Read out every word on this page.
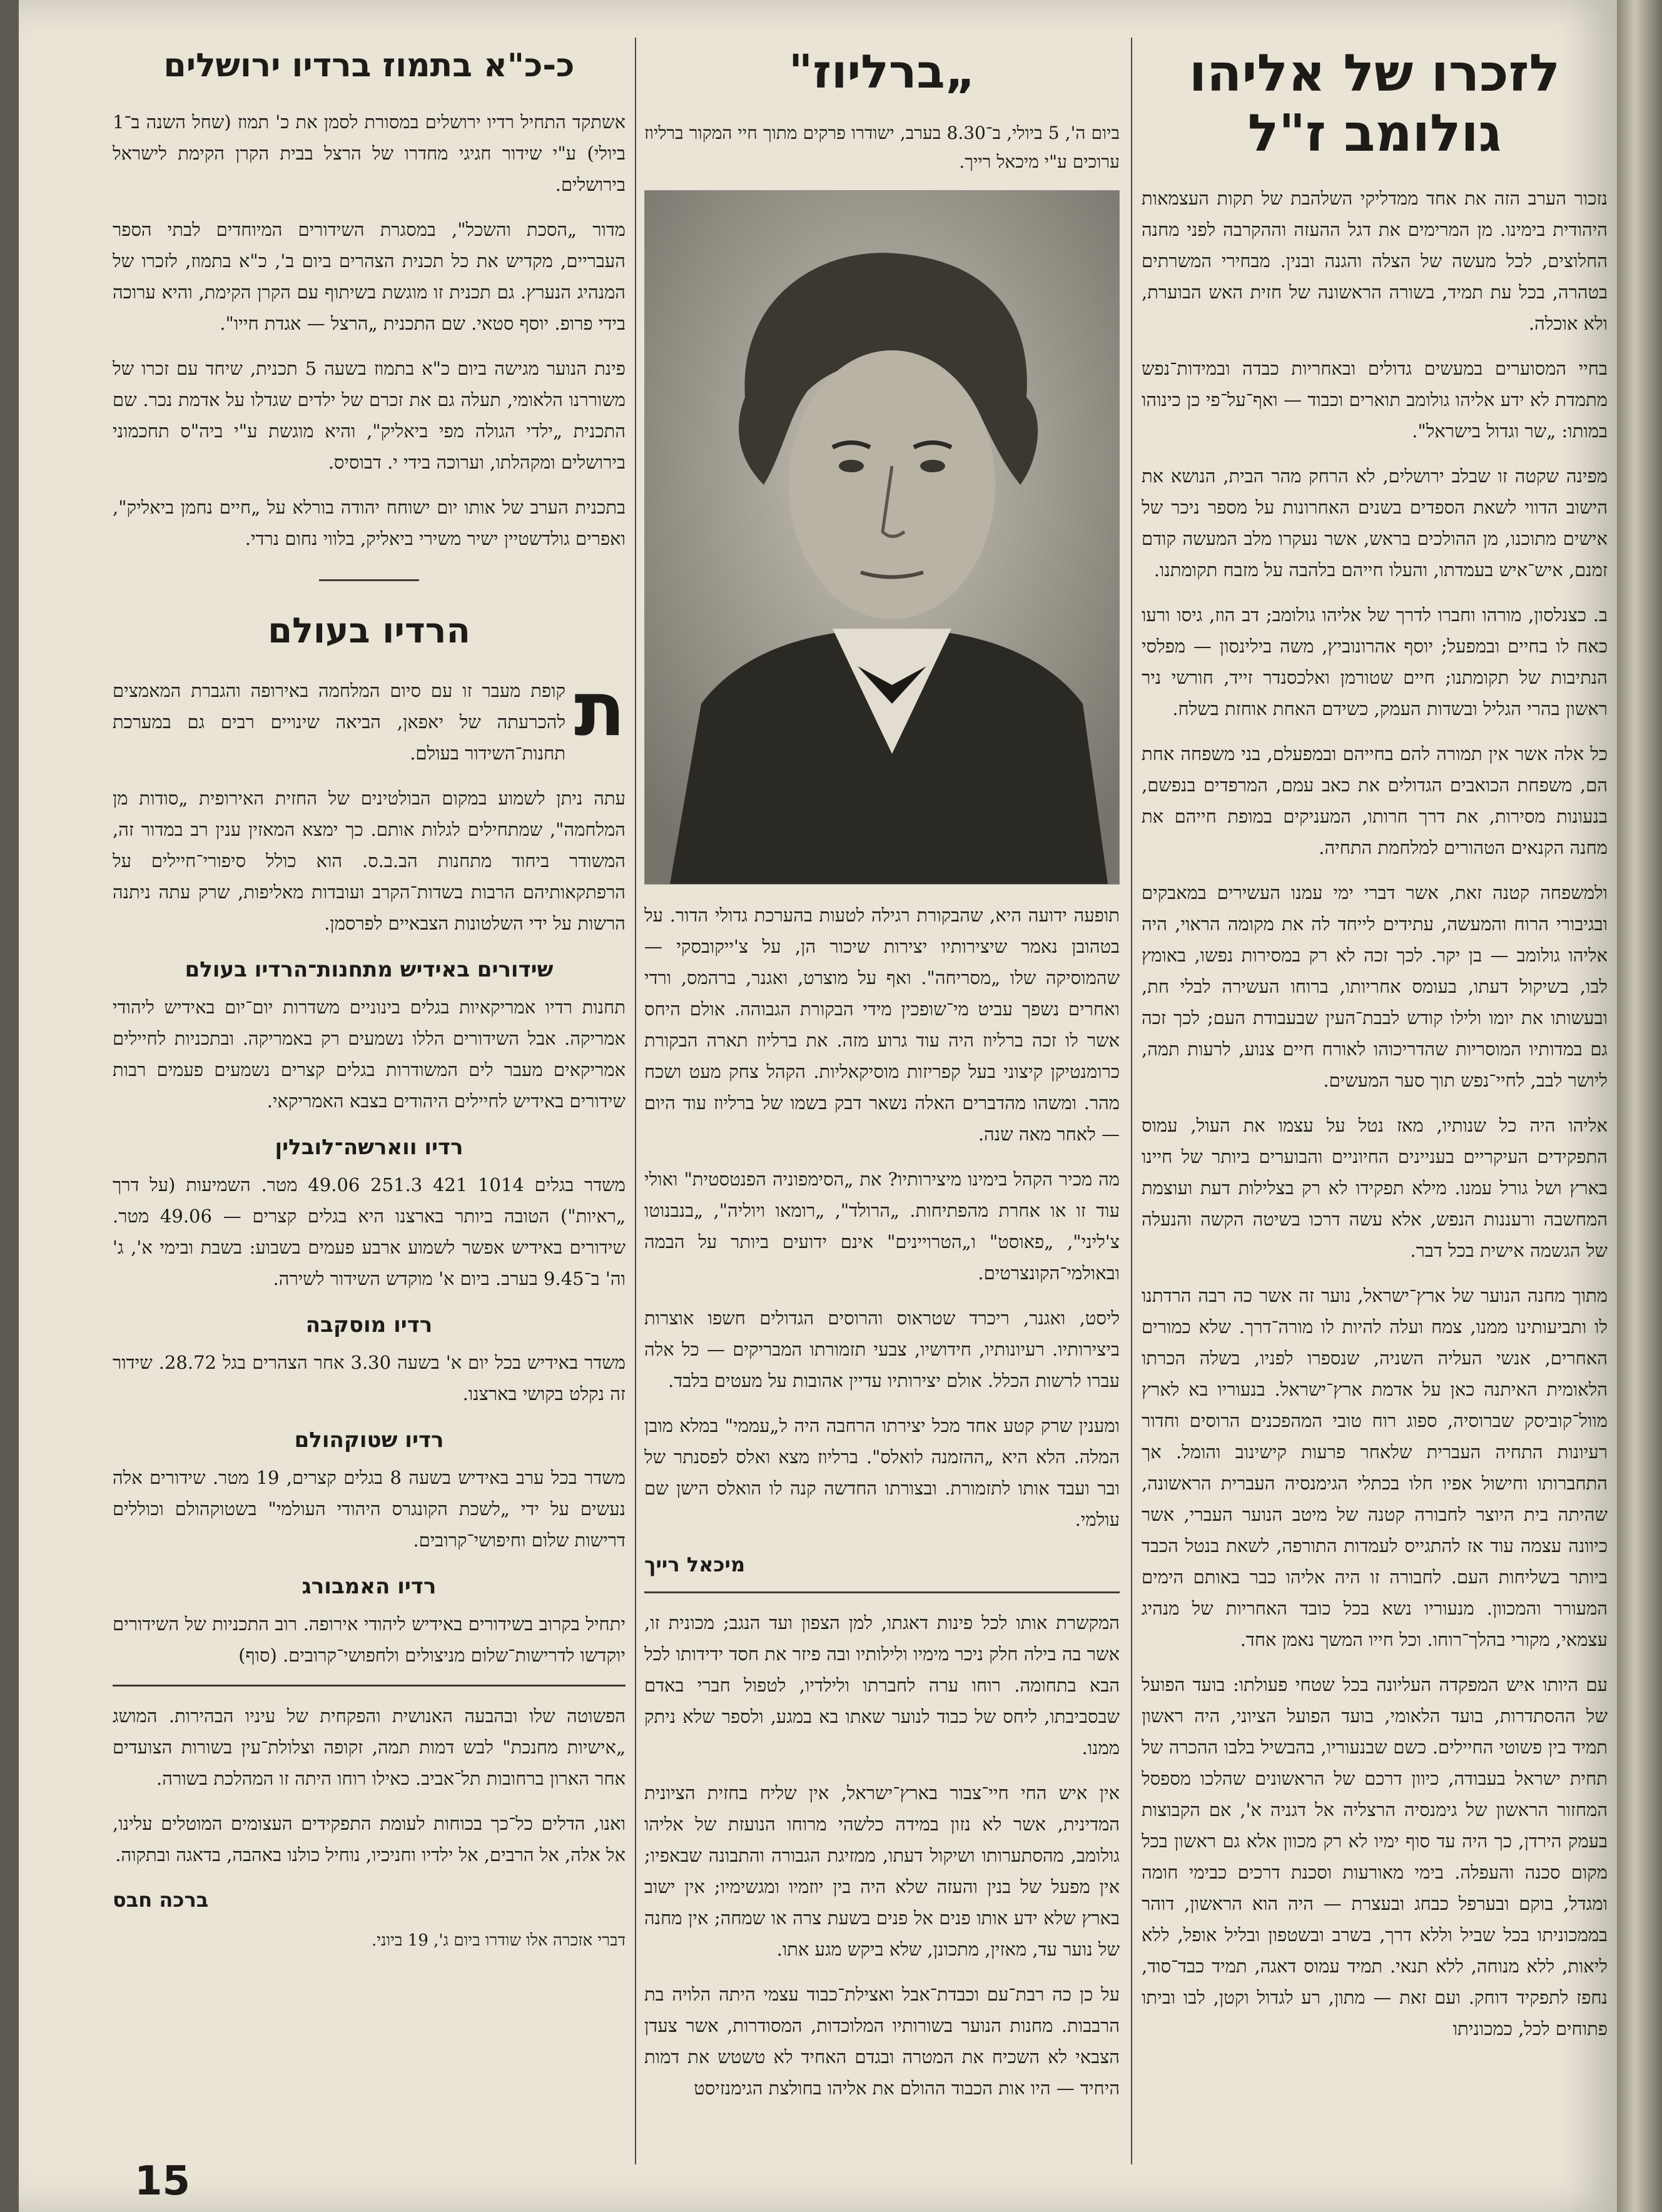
לזכרו של אליהו גולומב ז"ל

נזכור הערב הזה את אחד ממדליקי השלהבת של תקות העצמאות היהודית בימינו. מן המרימים את דגל ההעזה וההקרבה לפני מחנה החלוצים, לכל מעשה של הצלה והגנה ובנין. מבחירי המשרתים בטהרה, בכל עת תמיד, בשורה הראשונה של חזית האש הבוערת, ולא אוכלה.

בחיי המסוערים במעשים גדולים ובאחריות כבדה ובמידות־נפש מתמדת לא ידע אליהו גולומב תוארים וכבוד — ואף־על־פי כן כינוהו במותו: „שר וגדול בישראל".

מפינה שקטה זו שבלב ירושלים, לא הרחק מהר הבית, הנושא את הישוב הדווי לשאת הספדים בשנים האחרונות על מספר ניכר של אישים מתוכנו, מן ההולכים בראש, אשר נעקרו מלב המעשה קודם זמנם, איש־איש בעמדתו, והעלו חייהם בלהבה על מזבח תקומתנו.

ב. כצנלסון, מורהו וחברו לדרך של אליהו גולומב; דב הוז, גיסו ורעו כאח לו בחיים ובמפעל; יוסף אהרונוביץ, משה בילינסון — מפלסי הנתיבות של תקומתנו; חיים שטורמן ואלכסנדר זייד, חורשי ניר ראשון בהרי הגליל ובשדות העמק, כשידם האחת אוחזת בשלח.

כל אלה אשר אין תמורה להם בחייהם ובמפעלם, בני משפחה אחת הם, משפחת הכואבים הגדולים את כאב עמם, המרפדים בנפשם, בנעונות מסירות, את דרך חרותו, המעניקים במופת חייהם את מחנה הקנאים הטהורים למלחמת התחיה.

ולמשפחה קטנה זאת, אשר דברי ימי עמנו העשירים במאבקים ובגיבורי הרוח והמעשה, עתידים לייחד לה את מקומה הראוי, היה אליהו גולומב — בן יקר. לכך זכה לא רק במסירות נפשו, באומץ לבו, בשיקול דעתו, בעומס אחריותו, ברוחו העשירה לבלי חת, ובעשותו את יומו ולילו קודש לבבת־העין שבעבודת העם; לכך זכה גם במדותיו המוסריות שהדריכוהו לאורח חיים צנוע, לרעות תמה, ליושר לבב, לחיי־נפש תוך סער המעשים.

אליהו היה כל שנותיו, מאז נטל על עצמו את העול, עמוס התפקידים העיקריים בעניינים החיוניים והבוערים ביותר של חיינו בארץ ושל גורל עמנו. מילא תפקידו לא רק בצלילות דעת ועוצמת המחשבה ורעננות הנפש, אלא עשה דרכו בשיטה הקשה והנעלה של הגשמה אישית בכל דבר.

מתוך מחנה הנוער של ארץ־ישראל, נוער זה אשר כה רבה הרדתנו לו ותביעותינו ממנו, צמח ועלה להיות לו מורה־דרך. שלא כמורים האחרים, אנשי העליה השניה, שנספרו לפניו, בשלה הכרתו הלאומית האיתנה כאן על אדמת ארץ־ישראל. בנעוריו בא לארץ מוול־קוביסק שברוסיה, ספוג רוח טובי המהפכנים הרוסים וחדור רעיונות התחיה העברית שלאחר פרעות קישינוב והומל. אך התחברותו וחישול אפיו חלו בכתלי הגימנסיה העברית הראשונה, שהיתה בית היוצר לחבורה קטנה של מיטב הנוער העברי, אשר כיוונה עצמה עוד אז להתגייס לעמדות התורפה, לשאת בנטל הכבד ביותר בשליחות העם. לחבורה זו היה אליהו כבר באותם הימים המעורר והמכוון. מנעוריו נשא בכל כובד האחריות של מנהיג עצמאי, מקורי בהלך־רוחו. וכל חייו המשך נאמן אחד.

עם היותו איש המפקדה העליונה בכל שטחי פעולתו: בועד הפועל של ההסתדרות, בועד הלאומי, בועד הפועל הציוני, היה ראשון תמיד בין פשוטי החיילים. כשם שבנעוריו, בהבשיל בלבו ההכרה של תחית ישראל בעבודה, כיוון דרכם של הראשונים שהלכו מספסל המחזור הראשון של גימנסיה הרצליה אל דגניה א', אם הקבוצות בעמק הירדן, כך היה עד סוף ימיו לא רק מכוון אלא גם ראשון בכל מקום סכנה והעפלה. בימי מאורעות וסכנת דרכים כבימי חומה ומגדל, בוקם ובערפל כבחג ובעצרת — היה הוא הראשון, דוהר בממכוניתו בכל שביל וללא דרך, בשרב ובשטפון ובליל אופל, ללא ליאות, ללא מנוחה, ללא תנאי. תמיד עמוס דאגה, תמיד כבד־סוד, נחפז לתפקיד דוחק. ועם זאת — מתון, רע לגדול וקטן, לבו וביתו פתוחים לכל, כמכוניתו

„ברליוז"

ביום ה', 5 ביולי, ב־8.30 בערב, ישודרו פרקים מתוך חיי המקור ברליוז ערוכים ע"י מיכאל רייך.

תופעה ידועה היא, שהבקורת רגילה לטעות בהערכת גדולי הדור. על בטהובן נאמר שיצירותיו יצירות שיכור הן, על צ'ייקובסקי — שהמוסיקה שלו „מסריחה". ואף על מוצרט, ואגנר, ברהמס, ורדי ואחרים נשפך עביט מי־שופכין מידי הבקורת הגבוהה. אולם היחס אשר לו זכה ברליוז היה עוד גרוע מזה. את ברליוז תארה הבקורת כרומנטיקן קיצוני בעל קפריזות מוסיקאליות. הקהל צחק מעט ושכח מהר. ומשהו מהדברים האלה נשאר דבק בשמו של ברליוז עוד היום — לאחר מאה שנה.

מה מכיר הקהל בימינו מיצירותיו? את „הסימפוניה הפנטסטית" ואולי עוד זו או אחרת מהפתיחות. „הרולד", „רומאו ויוליה", „בנבנוטו צ'ליני", „פאוסט" ו„הטרויינים" אינם ידועים ביותר על הבמה ובאולמי־הקונצרטים.

ליסט, ואגנר, ריכרד שטראוס והרוסים הגדולים חשפו אוצרות ביצירותיו. רעיונותיו, חידושיו, צבעי תזמורתו המבריקים — כל אלה עברו לרשות הכלל. אולם יצירותיו עדיין אהובות על מעטים בלבד.

ומענין שרק קטע אחד מכל יצירתו הרחבה היה ל„עממי" במלא מובן המלה. הלא היא „ההזמנה לואלס". ברליוז מצא ואלס לפסנתר של ובר ועבד אותו לתזמורת. ובצורתו החדשה קנה לו הואלס הישן שם עולמי.

מיכאל רייך

המקשרת אותו לכל פינות דאגתו, למן הצפון ועד הנגב; מכונית זו, אשר בה בילה חלק ניכר מימיו ולילותיו ובה פיזר את חסד ידידותו לכל הבא בתחומה. רוחו ערה לחברתו ולילדיו, לטפול חברי באדם שבסביבתו, ליחס של כבוד לנוער שאתו בא במגע, ולספר שלא ניתק ממנו.

אין איש החי חיי־צבור בארץ־ישראל, אין שליח בחזית הציונית המדינית, אשר לא נזון במידה כלשהי מרוחו הנועזת של אליהו גולומב, מהסתערותו ושיקול דעתו, ממזיגת הגבורה והתבונה שבאפיו; אין מפעל של בנין והעזה שלא היה בין יוזמיו ומגשימיו; אין ישוב בארץ שלא ידע אותו פנים אל פנים בשעת צרה או שמחה; אין מחנה של נוער עד, מאזין, מתכונן, שלא ביקש מגע אתו.

על כן כה רבת־עם וכבדת־אבל ואצילת־כבוד עצמי היתה הלויה בת הרבבות. מחנות הנוער בשורותיו המלוכדות, המסודרות, אשר צעדן הצבאי לא השכיח את המטרה ובגדם האחיד לא טשטש את דמות היחיד — היו אות הכבוד ההולם את אליהו בחולצת הגימנזיסט

כ-כ"א בתמוז ברדיו ירושלים

אשתקד התחיל רדיו ירושלים במסורת לסמן את כ' תמוז (שחל השנה ב־1 ביולי) ע"י שידור חגיגי מחדרו של הרצל בבית הקרן הקימת לישראל בירושלים.

מדור „הסכת והשכל", במסגרת השידורים המיוחדים לבתי הספר העבריים, מקדיש את כל תכנית הצהרים ביום ב', כ"א בתמוז, לזכרו של המנהיג הנערץ. גם תכנית זו מוגשת בשיתוף עם הקרן הקימת, והיא ערוכה בידי פרופ. יוסף סטאי. שם התכנית „הרצל — אגדת חייו".

פינת הנוער מגישה ביום כ"א בתמוז בשעה 5 תכנית, שיחד עם זכרו של משוררנו הלאומי, תעלה גם את זכרם של ילדים שגדלו על אדמת נכר. שם התכנית „ילדי הגולה מפי ביאליק", והיא מוגשת ע"י ביה"ס תחכמוני בירושלים ומקהלתו, וערוכה בידי י. דבוסיס.

בתכנית הערב של אותו יום ישוחח יהודה בורלא על „חיים נחמן ביאליק", ואפרים גולדשטיין ישיר משירי ביאליק, בלווי נחום נרדי.

הרדיו בעולם

ת
קופת מעבר זו עם סיום המלחמה באירופה והגברת המאמצים להכרעתה של יאפאן, הביאה שינויים רבים גם במערכת תחנות־השידור בעולם.

עתה ניתן לשמוע במקום הבולטינים של החזית האירופית „סודות מן המלחמה", שמתחילים לגלות אותם. כך ימצא המאזין ענין רב במדור זה, המשודר ביחוד מתחנות הב.ב.ס. הוא כולל סיפורי־חיילים על הרפתקאותיהם הרבות בשדות־הקרב ועובדות מאליפות, שרק עתה ניתנה הרשות על ידי השלטונות הצבאיים לפרסמן.

שידורים באידיש מתחנות־הרדיו בעולם

תחנות רדיו אמריקאיות בגלים בינוניים משדרות יום־יום באידיש ליהודי אמריקה. אבל השידורים הללו נשמעים רק באמריקה. ובתכניות לחיילים אמריקאים מעבר לים המשודרות בגלים קצרים נשמעים פעמים רבות שידורים באידיש לחיילים היהודים בצבא האמריקאי.

רדיו ווארשה־לובלין

משדר בגלים 1014 421 251.3 49.06 מטר. השמיעות (על דרך „ראיות") הטובה ביותר בארצנו היא בגלים קצרים — 49.06 מטר. שידורים באידיש אפשר לשמוע ארבע פעמים בשבוע: בשבת ובימי א', ג' וה' ב־9.45 בערב. ביום א' מוקדש השידור לשירה.

רדיו מוסקבה

משדר באידיש בכל יום א' בשעה 3.30 אחר הצהרים בגל 28.72. שידור זה נקלט בקושי בארצנו.

רדיו שטוקהולם

משדר בכל ערב באידיש בשעה 8 בגלים קצרים, 19 מטר. שידורים אלה נעשים על ידי „לשכת הקונגרס היהודי העולמי" בשטוקהולם וכוללים דרישות שלום וחיפושי־קרובים.

רדיו האמבורג

יתחיל בקרוב בשידורים באידיש ליהודי אירופה. רוב התכניות של השידורים יוקדשו לדרישות־שלום מניצולים ולחפושי־קרובים. (סוף)

הפשוטה שלו ובהבעה האנושית והפקחית של עיניו הבהירות. המושג „אישיות מחנכת" לבש דמות תמה, זקופה וצלולת־עין בשורות הצועדים אחר הארון ברחובות תל־אביב. כאילו רוחו היתה זו המהלכת בשורה.

ואנו, הדלים כל־כך בכוחות לעומת התפקידים העצומים המוטלים עלינו, אל אלה, אל הרבים, אל ילדיו וחניכיו, נוחיל כולנו באהבה, בדאגה ובתקוה.

ברכה חבס

דברי אזכרה אלו שודרו ביום ג', 19 ביוני.

15
